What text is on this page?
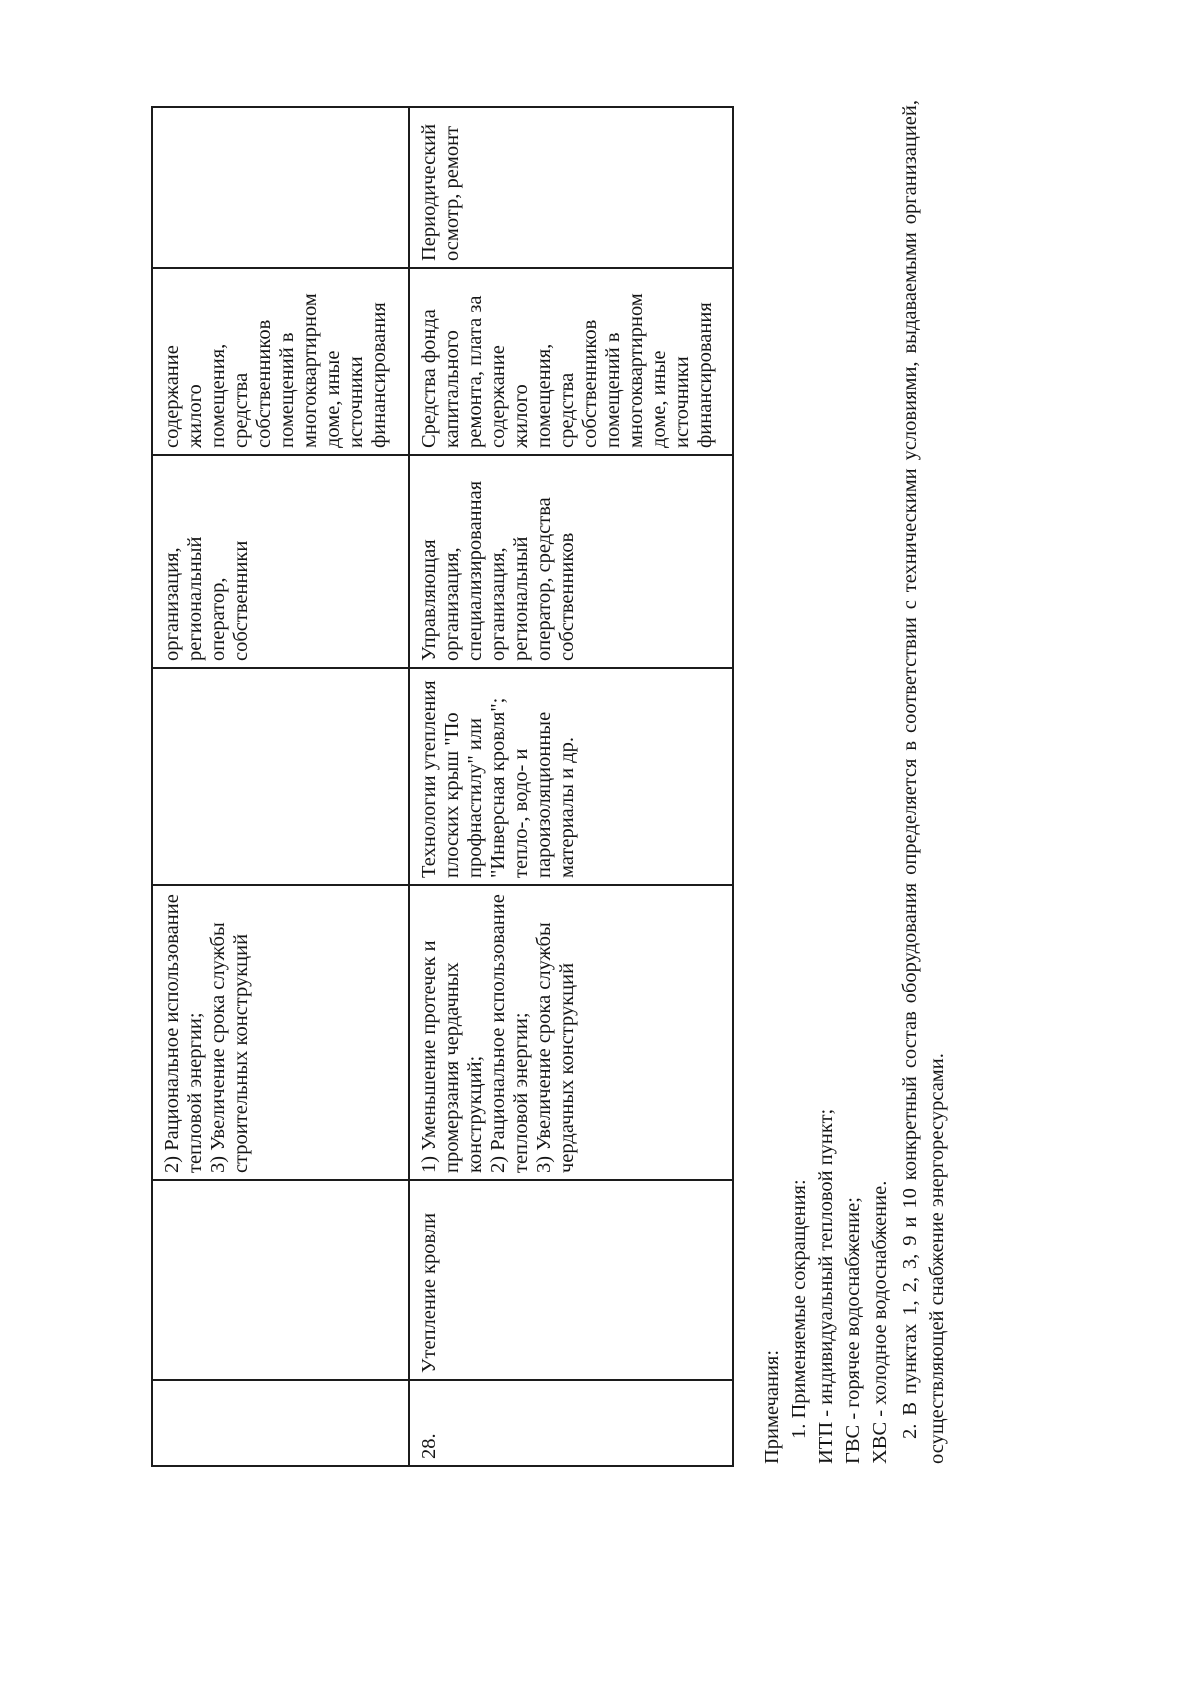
2) Рациональное использование
тепловой энергии;
3) Увеличение срока службы
строительных конструкций
организация,
региональный
оператор,
собственники
содержание
жилого
помещения,
средства
собственников
помещений в
многоквартирном
доме, иные
источники
финансирования
28.
Утепление кровли
1) Уменьшение протечек и
промерзания чердачных
конструкций;
2) Рациональное использование
тепловой энергии;
3) Увеличение срока службы
чердачных конструкций
Технологии утепления
плоских крыш "По
профнастилу" или
"Инверсная кровля";
тепло-, водо- и
пароизоляционные
материалы и др.
Управляющая
организация,
специализированная
организация,
региональный
оператор, средства
собственников
Средства фонда
капитального
ремонта, плата за
содержание
жилого
помещения,
средства
собственников
помещений в
многоквартирном
доме, иные
источники
финансирования
Периодический
осмотр, ремонт
Примечания: 1. Применяемые сокращения: ИТП - индивидуальный тепловой пункт; ГВС - горячее водоснабжение; ХВС - холодное водоснабжение. 2. В пунктах 1, 2, 3, 9 и 10 конкретный состав оборудования определяется в соответствии с техническими условиями, выдаваемыми организацией, осуществляющей снабжение энергоресурсами.
